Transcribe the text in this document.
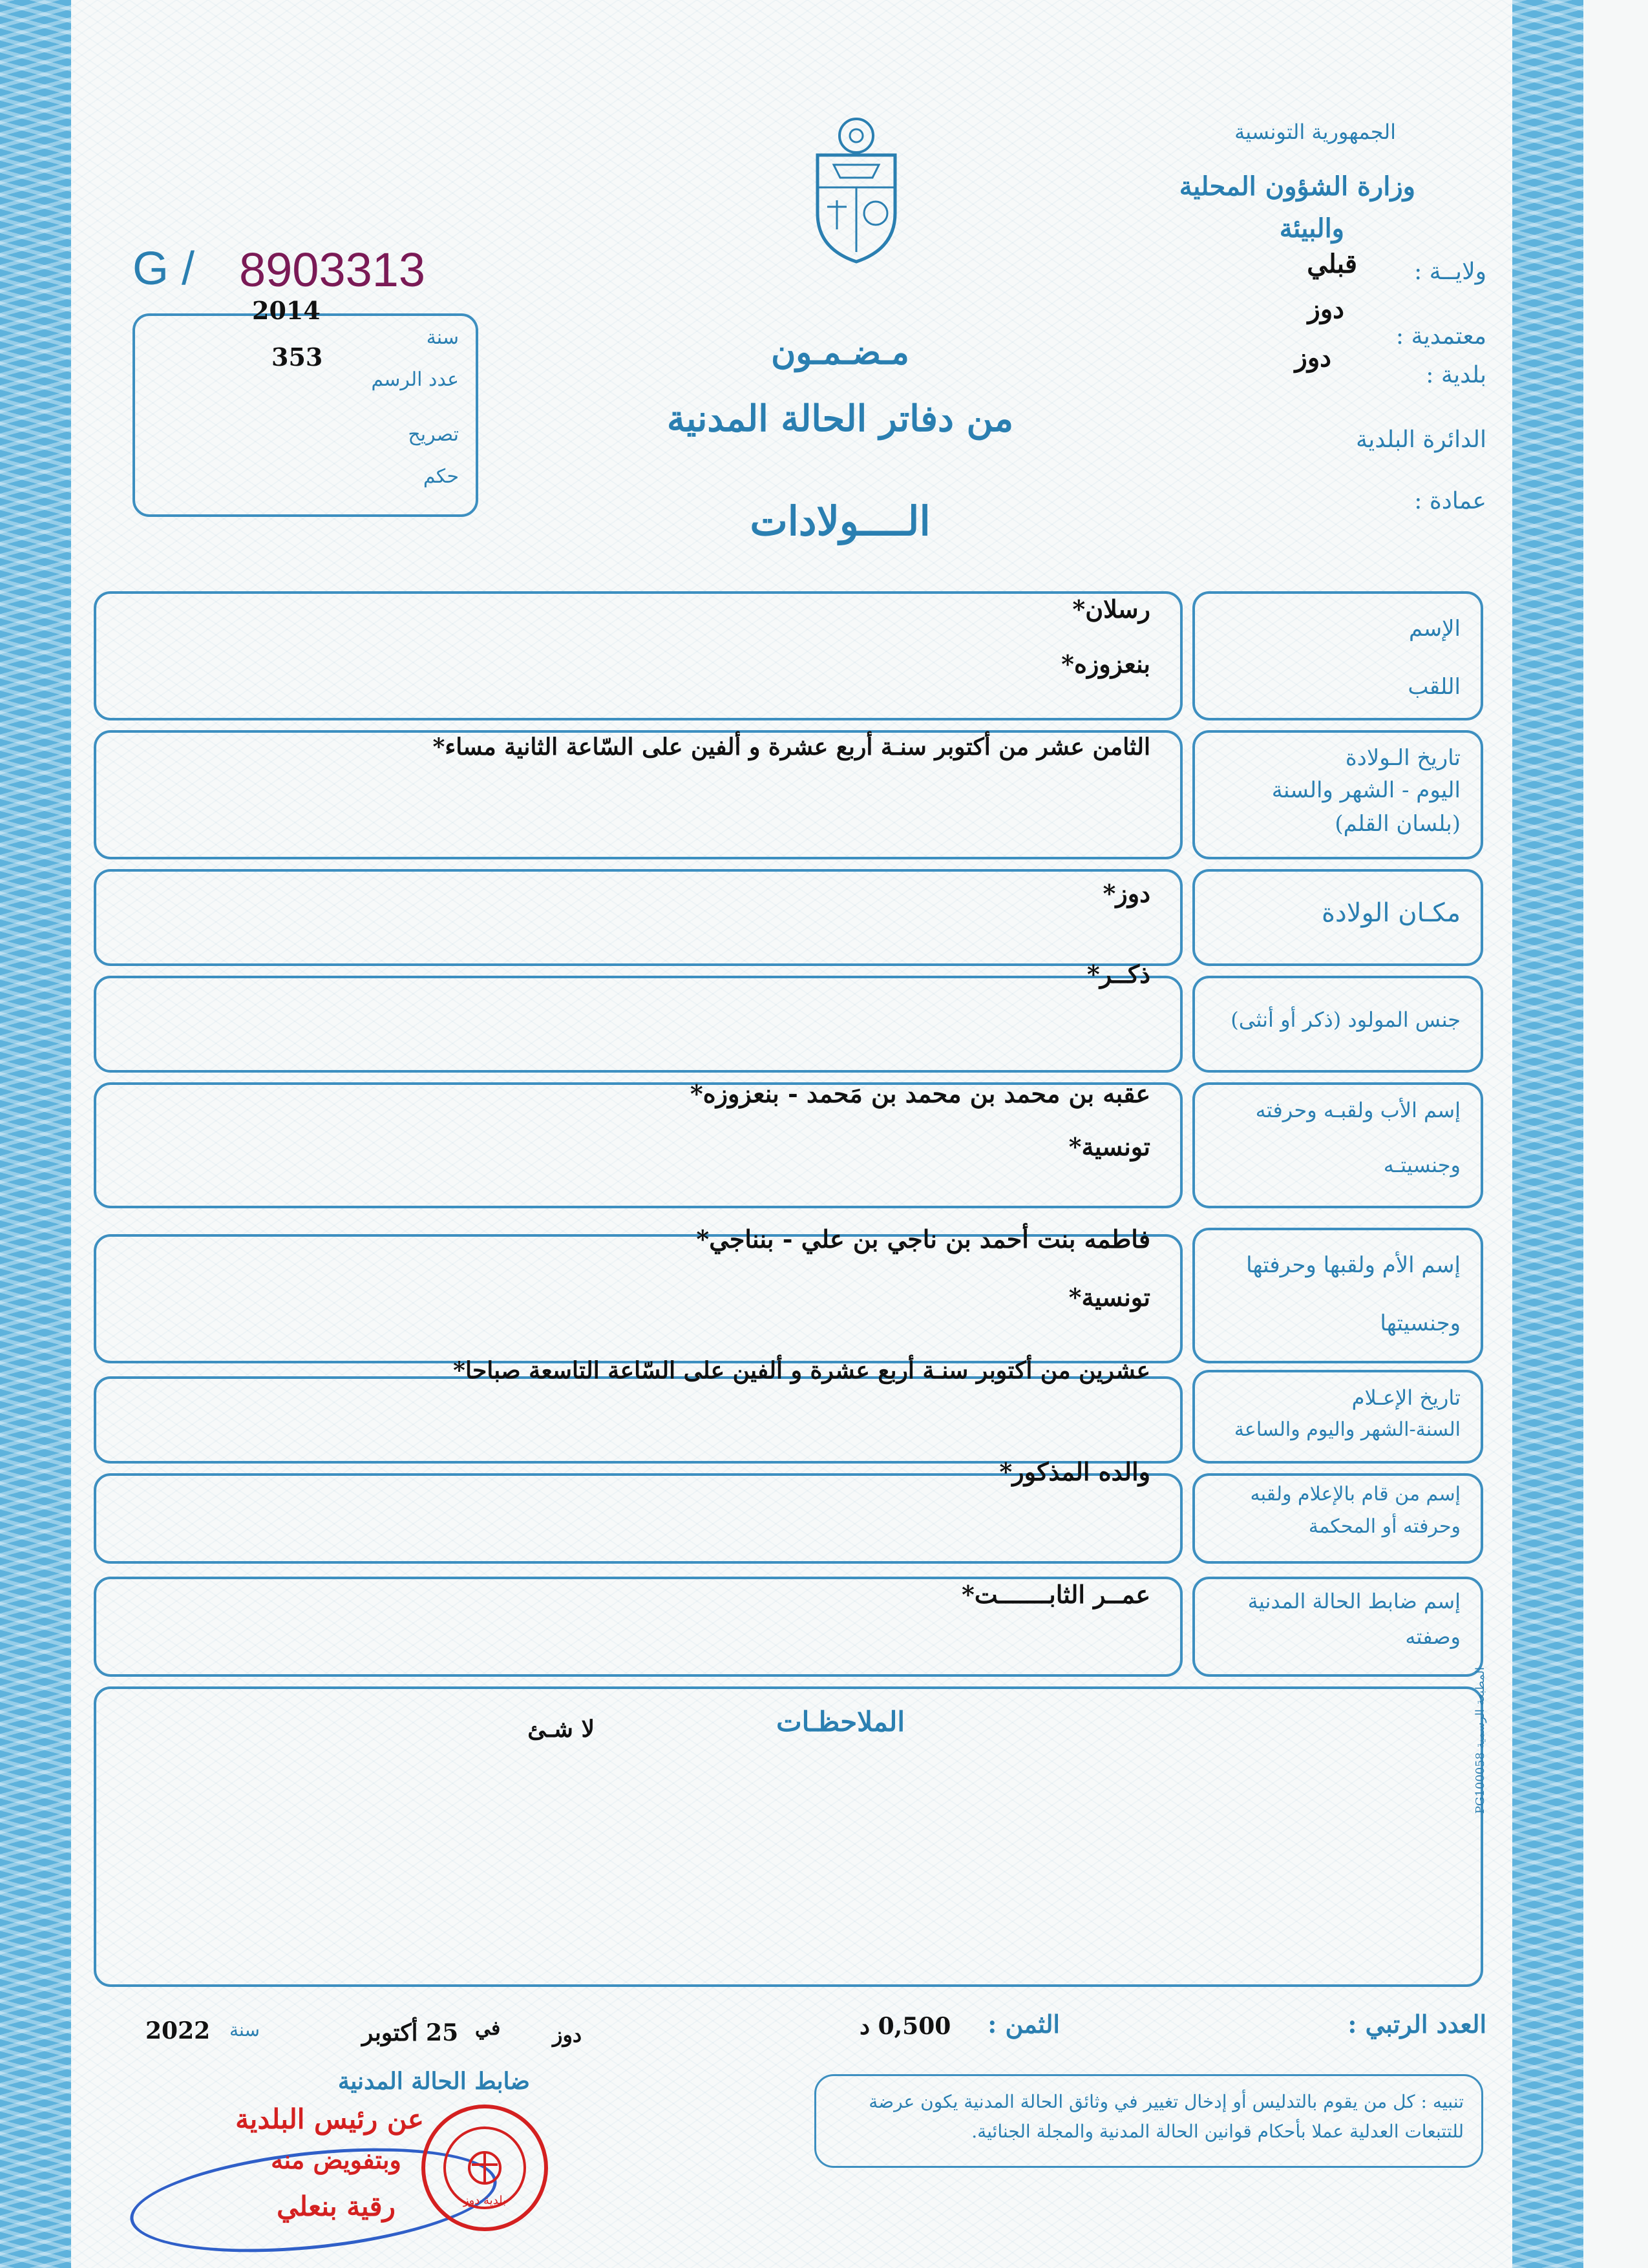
الجمهورية التونسية
وزارة الشؤون المحلية
والبيئة
ولايــة :
قبلي
معتمدية :
دوز
بلدية :
دوز
الدائرة البلدية
عمادة :
G / 8903313
2014
سنة
353
عدد الرسم
تصريح
حكم
مـضـمـون
من دفاتر الحالة المدنية
الــــولادات
الإسم
اللقب
رسلان*
بنعزوزه*
تاريخ الـولادة
اليوم - الشهر والسنة
(بلسان القلم)
الثامن عشر من أكتوبر سنـة أربع عشرة و ألفين على السّاعة الثانية مساء*
مكـان الولادة
دوز*
جنس المولود (ذكر أو أنثى)
ذكــر*
إسم الأب ولقبـه وحرفته
وجنسيتـه
عقبه بن محمد بن محمد بن مَحمد - بنعزوزه*
تونسية*
إسم الأم ولقبها وحرفتها
وجنسيتها
فاطمه بنت أحمد بن ناجي بن علي - بنناجي*
تونسية*
تاريخ الإعـلام
السنة-الشهر واليوم والساعة
عشرين من أكتوبر سنـة أربع عشرة و ألفين على السّاعة التاسعة صباحا*
إسم من قام بالإعلام ولقبه
وحرفته أو المحكمة
والده المذكور*
إسم ضابط الحالة المدنية
وصفته
عمــر الثابـــــــت*
الملاحظـات
لا شـئ
المطبعة الرسمية PG100058
العدد الرتبي :
الثمن :
0,500 د
دوز
في
25 أكتوبر
سنة
2022
ضابط الحالة المدنية
تنبيه : كل من يقوم بالتدليس أو إدخال تغيير في وثائق الحالة المدنية يكون عرضة للتتبعات العدلية عملا بأحكام قوانين الحالة المدنية والمجلة الجنائية.
عن رئيس البلدية
وبتفويض منه
رقية بنعلي	بلدية دوز
